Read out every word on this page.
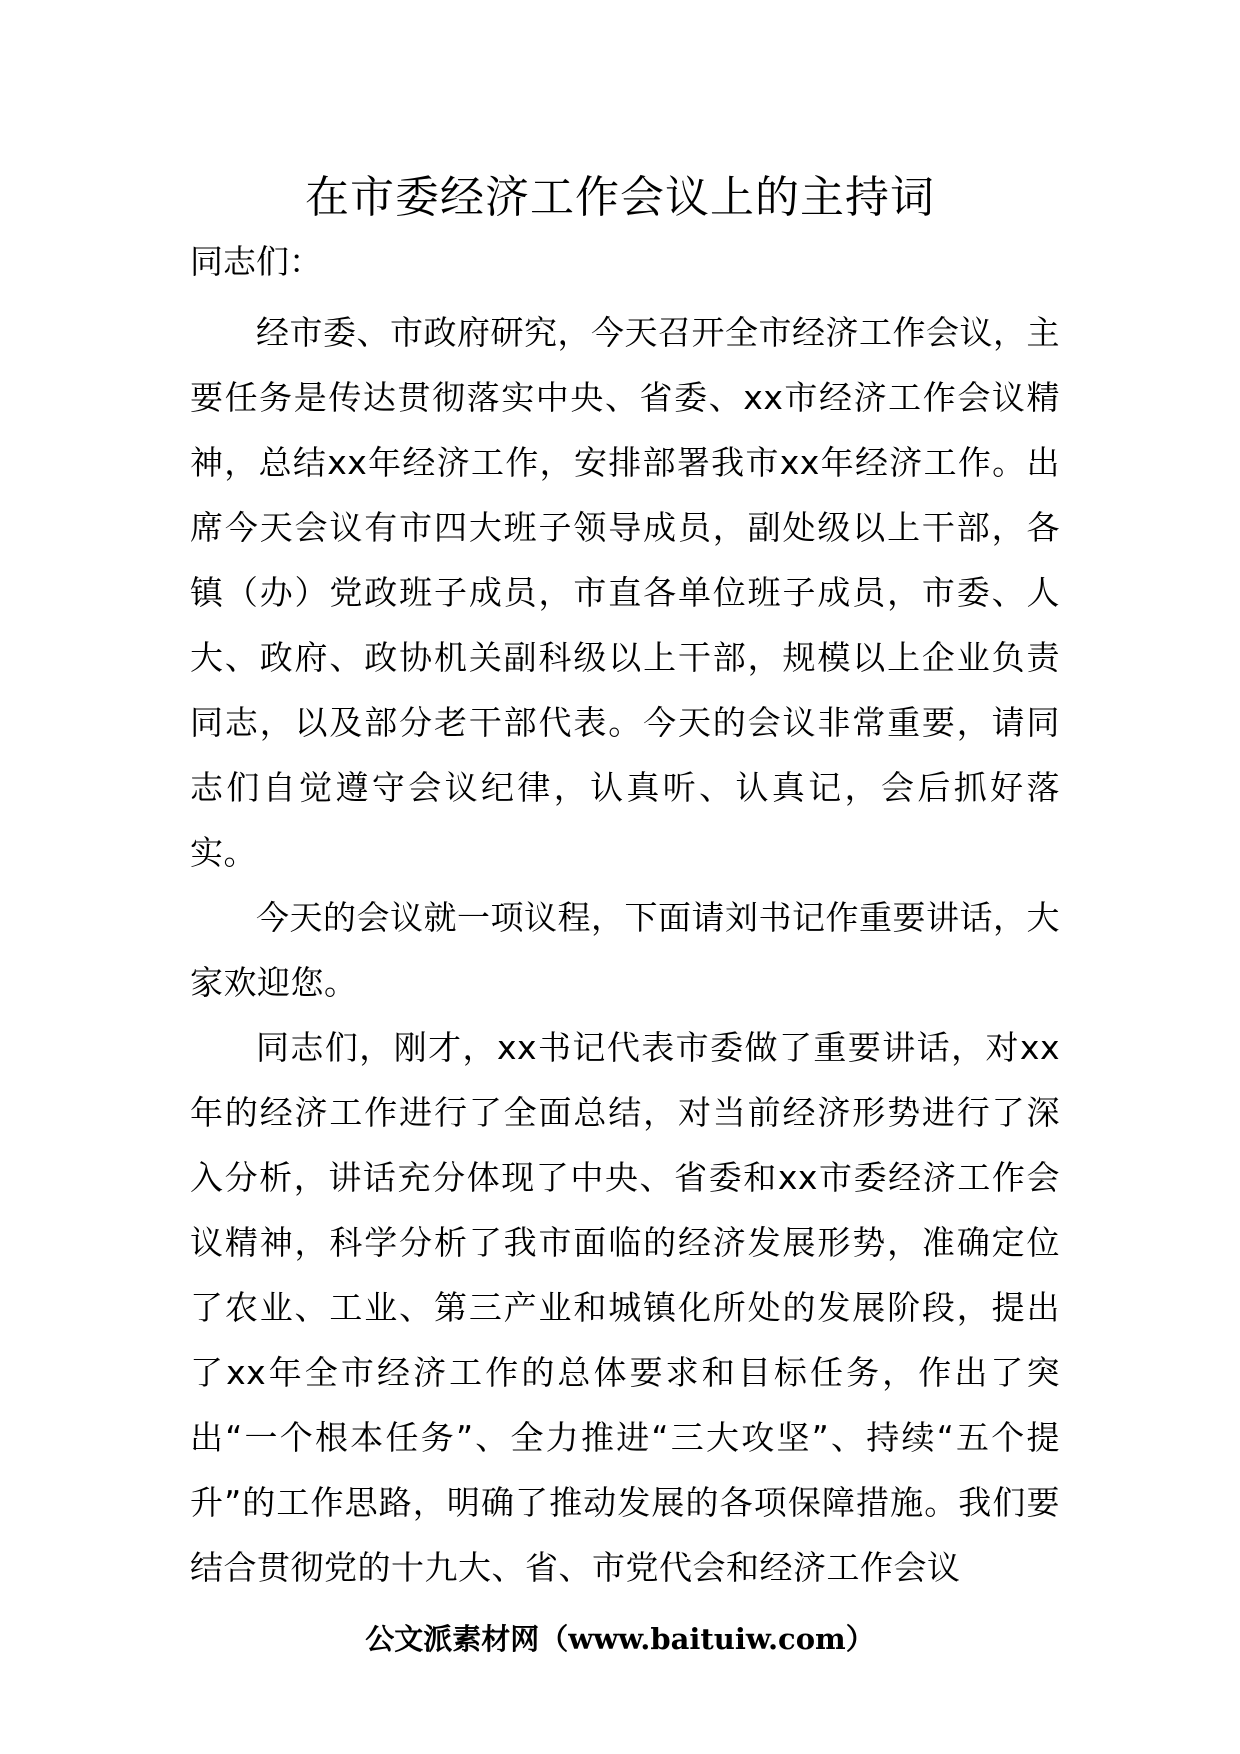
在市委经济工作会议上的主持词

同志们：

经市委、市政府研究，今天召开全市经济工作会议，主要任务是传达贯彻落实中央、省委、xx市经济工作会议精神，总结xx年经济工作，安排部署我市xx年经济工作。出席今天会议有市四大班子领导成员，副处级以上干部，各镇（办）党政班子成员，市直各单位班子成员，市委、人大、政府、政协机关副科级以上干部，规模以上企业负责同志，以及部分老干部代表。今天的会议非常重要，请同志们自觉遵守会议纪律，认真听、认真记，会后抓好落实。

今天的会议就一项议程，下面请刘书记作重要讲话，大家欢迎您。

同志们，刚才，xx书记代表市委做了重要讲话，对xx年的经济工作进行了全面总结，对当前经济形势进行了深入分析，讲话充分体现了中央、省委和xx市委经济工作会议精神，科学分析了我市面临的经济发展形势，准确定位了农业、工业、第三产业和城镇化所处的发展阶段，提出了xx年全市经济工作的总体要求和目标任务，作出了突出“一个根本任务”、全力推进“三大攻坚”、持续“五个提升”的工作思路，明确了推动发展的各项保障措施。我们要结合贯彻党的十九大、省、市党代会和经济工作会议

公文派素材网（www.baituiw.com）
